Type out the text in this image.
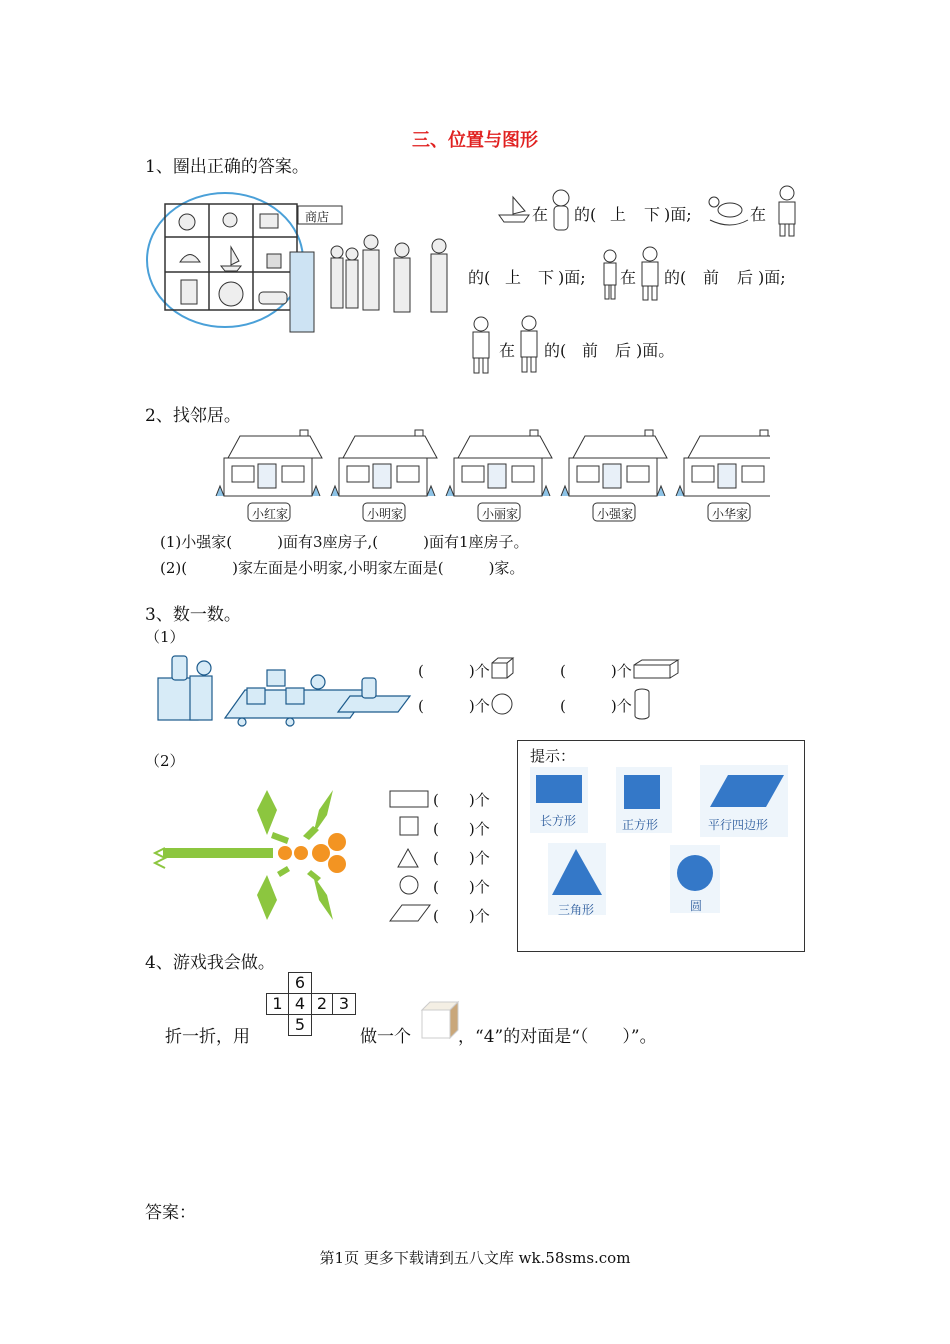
三、位置与图形
1、圈出正确的答案。
商店	在 的( 上 下 )面;	在
的( 上 下 )面; 在 的( 前 后 )面;
在 的( 前 后 )面。
2、找邻居。
小红家	小明家	小丽家	小强家	小华家
(1)小强家(　　　)面有3座房子,(　　　)面有1座房子。
(2)(　　　)家左面是小明家,小明家左面是(　　　)家。
3、数一数。
（1）
(　　　)个	(　　　)个
(　　　)个	(　　　)个
（2）
(　　)个
(　　)个
(　　)个
(　　)个
(　　)个
提示：
长方形	正方形	平行四边形
三角形	圆
4、游戏我会做。
6
1 4 2 3
5
折一折，用	做一个	，“4”的对面是“（　　）”。
答案：
第1页 更多下载请到五八文库 wk.58sms.com
